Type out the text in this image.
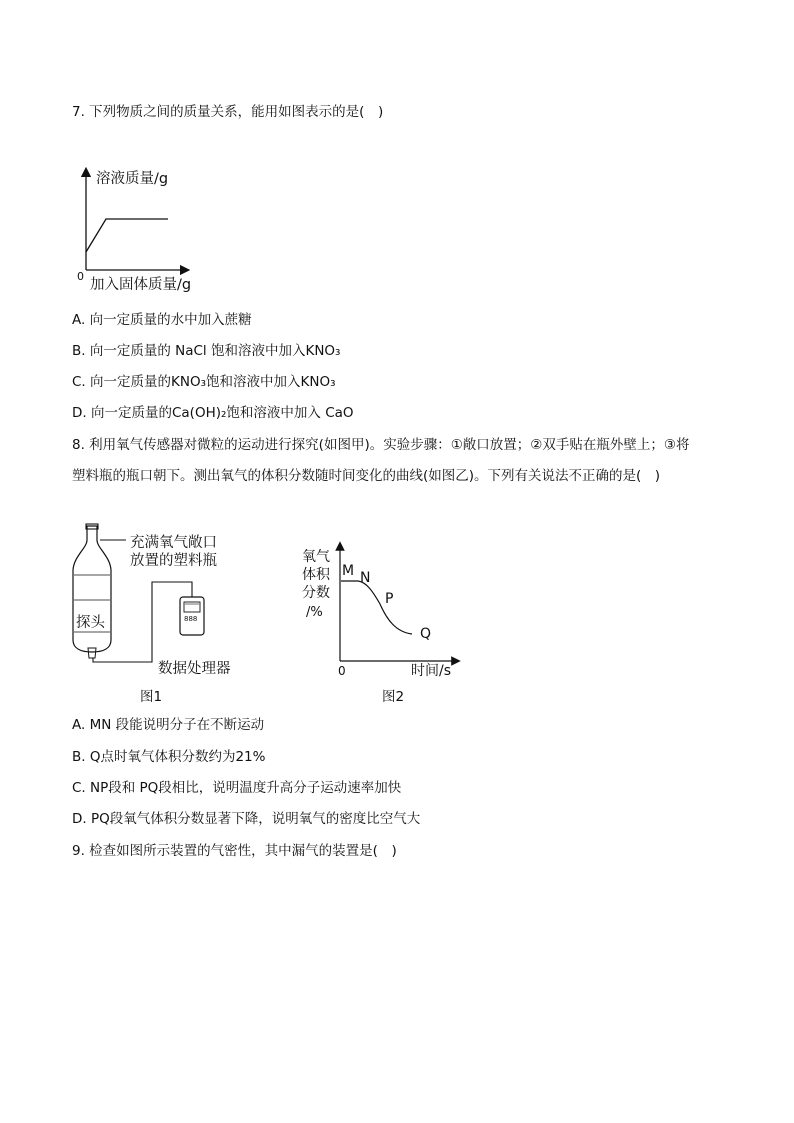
7. 下列物质之间的质量关系，能用如图表示的是(　)
溶液质量/g
0
加入固体质量/g
A. 向一定质量的水中加入蔗糖
B. 向一定质量的 NaCl 饱和溶液中加入KNO₃
C. 向一定质量的KNO₃饱和溶液中加入KNO₃
D. 向一定质量的Ca(OH)₂饱和溶液中加入 CaO
8. 利用氧气传感器对微粒的运动进行探究(如图甲)。实验步骤：①敞口放置；②双手贴在瓶外壁上；③将
塑料瓶的瓶口朝下。测出氧气的体积分数随时间变化的曲线(如图乙)。下列有关说法不正确的是(　)
充满氧气敞口
放置的塑料瓶
探头	888
数据处理器
图1
氧气
体积
分数
/%
M N
P
Q
0	时间/s
图2
A. MN 段能说明分子在不断运动
B. Q点时氧气体积分数约为21%
C. NP段和 PQ段相比，说明温度升高分子运动速率加快
D. PQ段氧气体积分数显著下降，说明氧气的密度比空气大
9. 检查如图所示装置的气密性，其中漏气的装置是(　)
